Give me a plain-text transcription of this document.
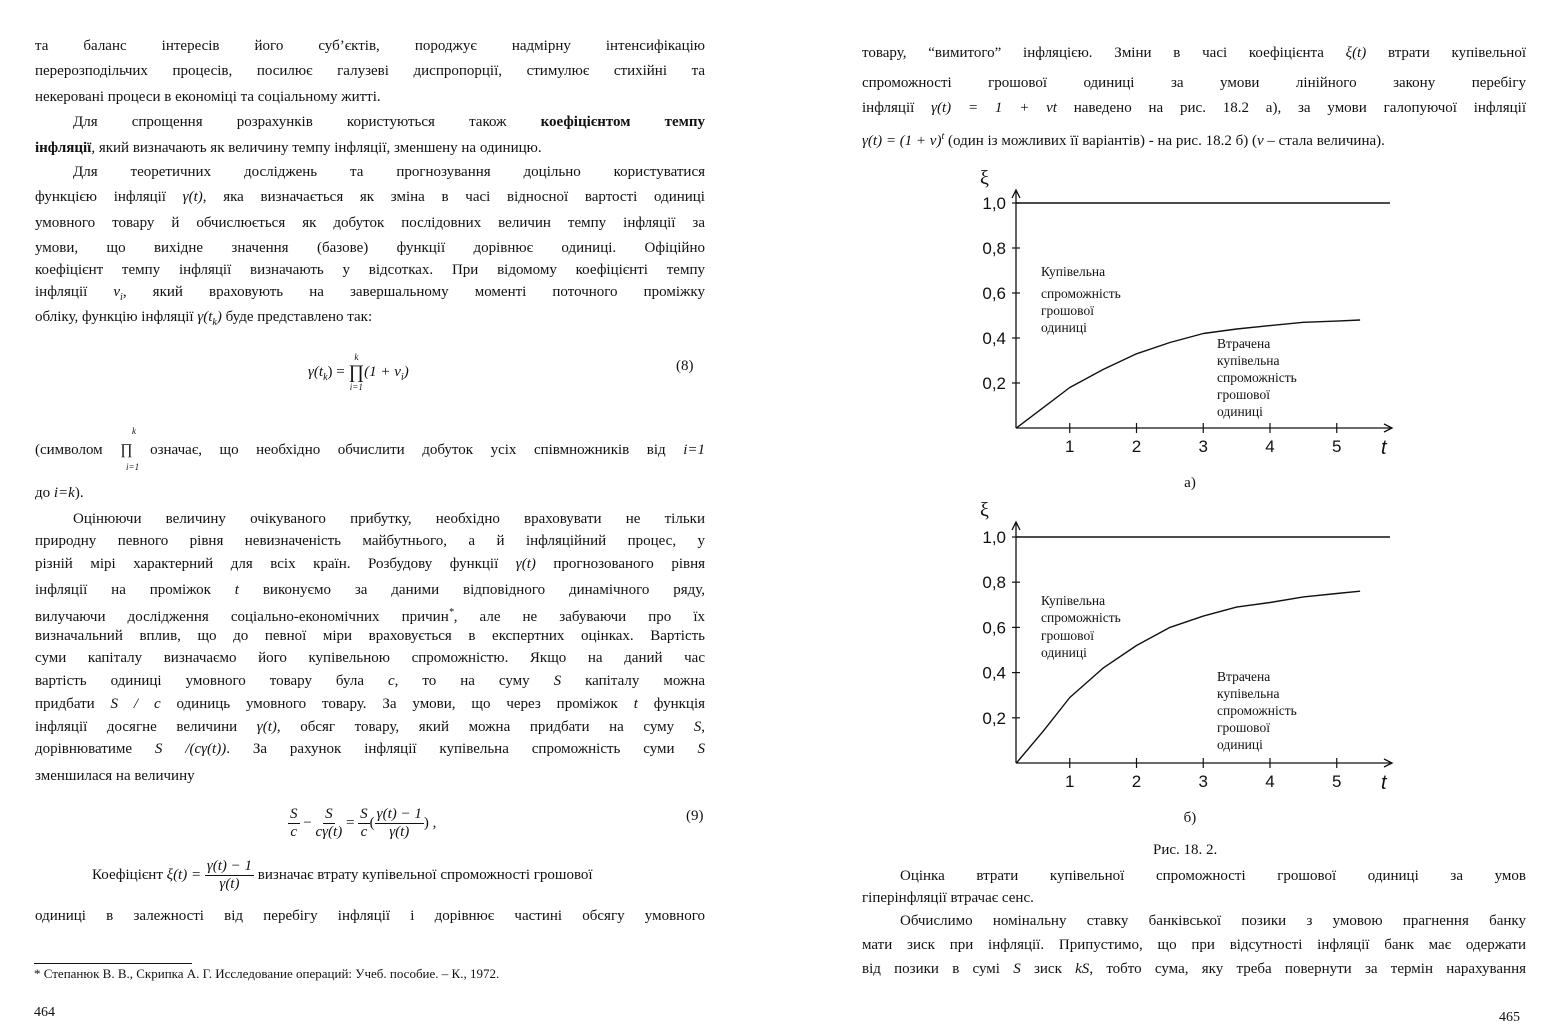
та баланс інтересів його суб’єктів, породжує надмірну інтенсифікацію
перерозподільчих процесів, посилює галузеві диспропорції, стимулює стихійні та
некеровані процеси в економіці та соціальному житті.
Для спрощення розрахунків користуються також коефіцієнтом темпу
інфляції, який визначають як величину темпу інфляції, зменшену на одиницю.
Для теоретичних досліджень та прогнозування доцільно користуватися
функцією інфляції γ(t), яка визначається як зміна в часі відносної вартості одиниці
умовного товару й обчислюється як добуток послідовних величин темпу інфляції за
умови, що вихідне значення (базове) функції дорівнює одиниці. Офіційно
коефіцієнт темпу інфляції визначають у відсотках. При відомому коефіцієнті темпу
інфляції $\nu_i$, який враховують на завершальному моменті поточного проміжку
обліку, функцію інфляції $\gamma(t_k)$ буде представлено так:
(символом ∏ означає, що необхідно обчислити добуток усіх співмножників від i=1
до i=k).
Оцінюючи величину очікуваного прибутку, необхідно враховувати не тільки
природну певного рівня невизначеність майбутнього, а й інфляційний процес, у
різній мірі характерний для всіх країн. Розбудову функції γ(t) прогнозованого рівня
інфляції на проміжок t виконуємо за даними відповідного динамічного ряду,
вилучаючи дослідження соціально-економічних причин*, але не забуваючи про їх
визначальний вплив, що до певної міри враховується в експертних оцінках. Вартість
суми капіталу визначаємо його купівельною спроможністю. Якщо на даний час
вартість одиниці умовного товару була c, то на суму S капіталу можна
придбати S / c одиниць умовного товару. За умови, що через проміжок t функція
інфляції досягне величини γ(t), обсяг товару, який можна придбати на суму S,
дорівнюватиме S /(cγ(t)). За рахунок інфляції купівельна спроможність суми S
зменшилася на величину
одиниці в залежності від перебігу інфляції і дорівнює частині обсягу умовного
$\gamma(t_k)$ =
k
∏
i=1
$(1 + \nu_i)$	(8)
k
i=1
$\frac{S}{c} - \frac{S}{c\gamma(t)} = \frac{S}{c}$ ( $\frac{\gamma(t) - 1}{\gamma(t)}$ ) ,	(9)
Коефіцієнт $\xi(t) = \frac{\gamma(t) - 1}{\gamma(t)}$ визначає втрату купівельної спроможності грошової
* Степанюк В. В., Скрипка А. Г. Исследование операций: Учеб. пособие. – К., 1972.
464
товару, “вимитого” інфляцією. Зміни в часі коефіцієнта ξ(t) втрати купівельної
спроможності грошової одиниці за умови лінійного закону перебігу
інфляції γ(t) = 1 + νt наведено на рис. 18.2 а), за умови галопуючої інфляції
$\gamma(t) = (1 + \nu)^t$ (один із можливих її варіантів) - на рис. 18.2 б) (ν – стала величина).
Оцінка втрати купівельної спроможності грошової одиниці за умов
гіперінфляції втрачає сенс.
Обчислимо номінальну ставку банківської позики з умовою прагнення банку
мати зиск при інфляції. Припустимо, що при відсутності інфляції банк має одержати
від позики в сумі S зиск kS, тобто сума, яку треба повернути за термін нарахування
Рис. 18. 2.
465
0,2
0,4
0,6
0,8
1,0
1	2	3	4	5
ξ
t
Купівельна
спроможність
грошової
одиниці
Втрачена
купівельна
спроможність
грошової
одиниці
а)
0,2
0,4
0,6
0,8
1,0
1	2	3	4	5
ξ
t
Купівельна
спроможність
грошової
одиниці
Втрачена
купівельна
спроможність
грошової
одиниці
б)
